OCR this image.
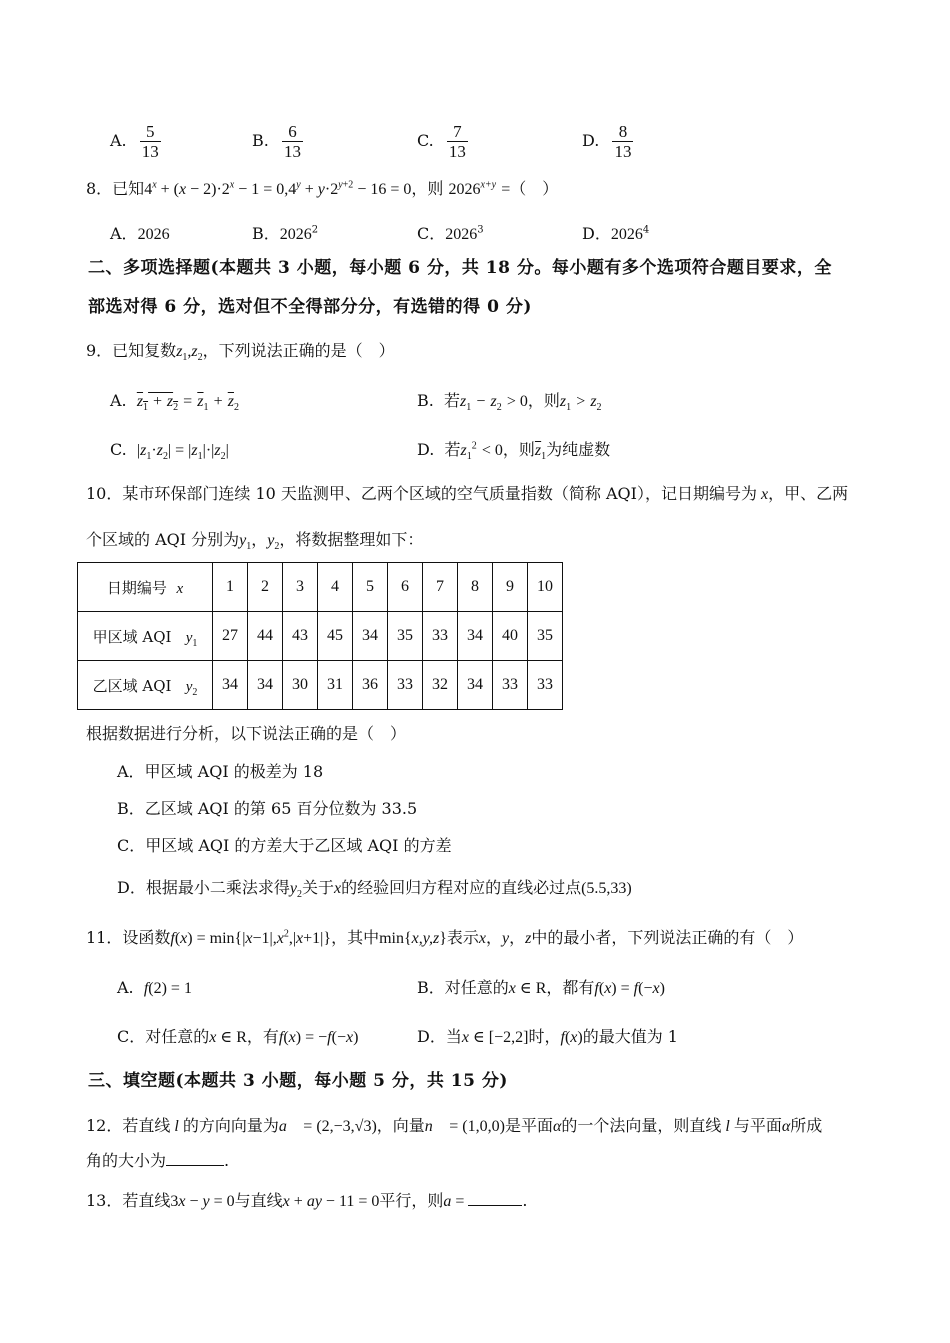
A. $\frac{5}{13}$	B. $\frac{6}{13}$	C. $\frac{7}{13}$	D. $\frac{8}{13}$
8．已知$4^x + (x - 2)\cdot 2^x - 1 = 0,4^y + y\cdot 2^{y+2} - 16 = 0$，则 $2026^{x+y}$ =（　）
A．2026	B．2026$^2$	C．2026$^3$	D．2026$^4$
二、多项选择题(本题共 3 小题，每小题 6 分，共 18 分。每小题有多个选项符合题目要求，全
部选对得 6 分，选对但不全得部分分，有选错的得 0 分)
9．已知复数$z_1,z_2$，下列说法正确的是（　）
A. $z_1 + z_2 = \overline{z}_1 + \overline{z}_2$	B. 若$z_1 - z_2 > 0$，则$z_1 > z_2$
C. $|z_1\cdot z_2| = |z_1|\cdot|z_2|$	D. 若$z_1^2 < 0$，则$\overline{z}_1$为纯虚数
10．某市环保部门连续 10 天监测甲、乙两个区域的空气质量指数（简称 AQI），记日期编号为 x，甲、乙两
个区域的 AQI 分别为$y_1$，$y_2$，将数据整理如下：
日期编号 x	1	2	3	4	5	6	7	8	9	10
甲区域 AQI $y_1$	27	44	43	45	34	35	33	34	40	35
乙区域 AQI $y_2$	34	34	30	31	36	33	32	34	33	33
根据数据进行分析，以下说法正确的是（　）
A．甲区域 AQI 的极差为 18
B．乙区域 AQI 的第 65 百分位数为 33.5
C．甲区域 AQI 的方差大于乙区域 AQI 的方差
D．根据最小二乘法求得$y_2$关于x的经验回归方程对应的直线必过点(5.5,33)
11．设函数$f(x) = \min\{|x-1|,x^2,|x+1|\}$，其中min{x,y,z}表示x，y，z中的最小者，下列说法正确的有（　）
A. f(2) = 1	B．对任意的x ∈ R，都有f(x) = f(−x)
C．对任意的x ∈ R，有f(x) = −f(−x)	D．当x ∈ [−2,2]时，f(x)的最大值为 1
三、填空题(本题共 3 小题，每小题 5 分，共 15 分)
12．若直线 l 的方向向量为a⃗ = (2,−3,√3)，向量n⃗ = (1,0,0)是平面α的一个法向量，则直线 l 与平面α所成
角的大小为	.
13．若直线3x − y = 0与直线x + ay − 11 = 0平行，则a =	.
